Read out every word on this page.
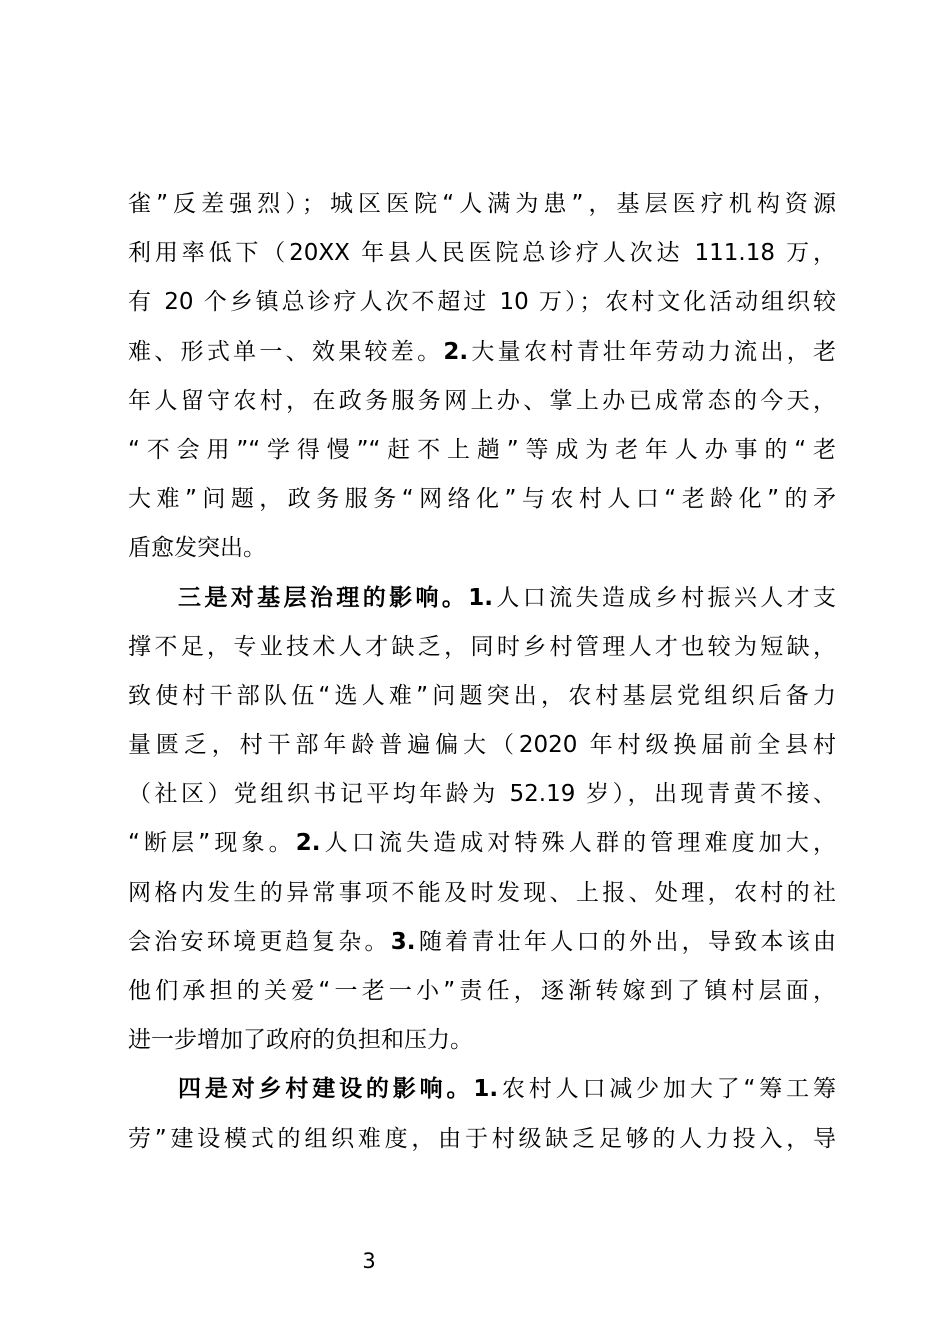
雀”反差强烈）；城区医院“人满为患”，基层医疗机构资源
利用率低下（20XX 年县人民医院总诊疗人次达 111.18 万，
有 20 个乡镇总诊疗人次不超过 10 万）；农村文化活动组织较
难、形式单一、效果较差。2.大量农村青壮年劳动力流出，老
年人留守农村，在政务服务网上办、掌上办已成常态的今天，
“不会用”“学得慢”“赶不上趟”等成为老年人办事的“老
大难”问题，政务服务“网络化”与农村人口“老龄化”的矛
盾愈发突出。
三是对基层治理的影响。1.人口流失造成乡村振兴人才支
撑不足，专业技术人才缺乏，同时乡村管理人才也较为短缺，
致使村干部队伍“选人难”问题突出，农村基层党组织后备力
量匮乏，村干部年龄普遍偏大（2020 年村级换届前全县村
（社区）党组织书记平均年龄为 52.19 岁），出现青黄不接、
“断层”现象。2.人口流失造成对特殊人群的管理难度加大，
网格内发生的异常事项不能及时发现、上报、处理，农村的社
会治安环境更趋复杂。3.随着青壮年人口的外出，导致本该由
他们承担的关爱“一老一小”责任，逐渐转嫁到了镇村层面，
进一步增加了政府的负担和压力。
四是对乡村建设的影响。1.农村人口减少加大了“筹工筹
劳”建设模式的组织难度，由于村级缺乏足够的人力投入，导
3
